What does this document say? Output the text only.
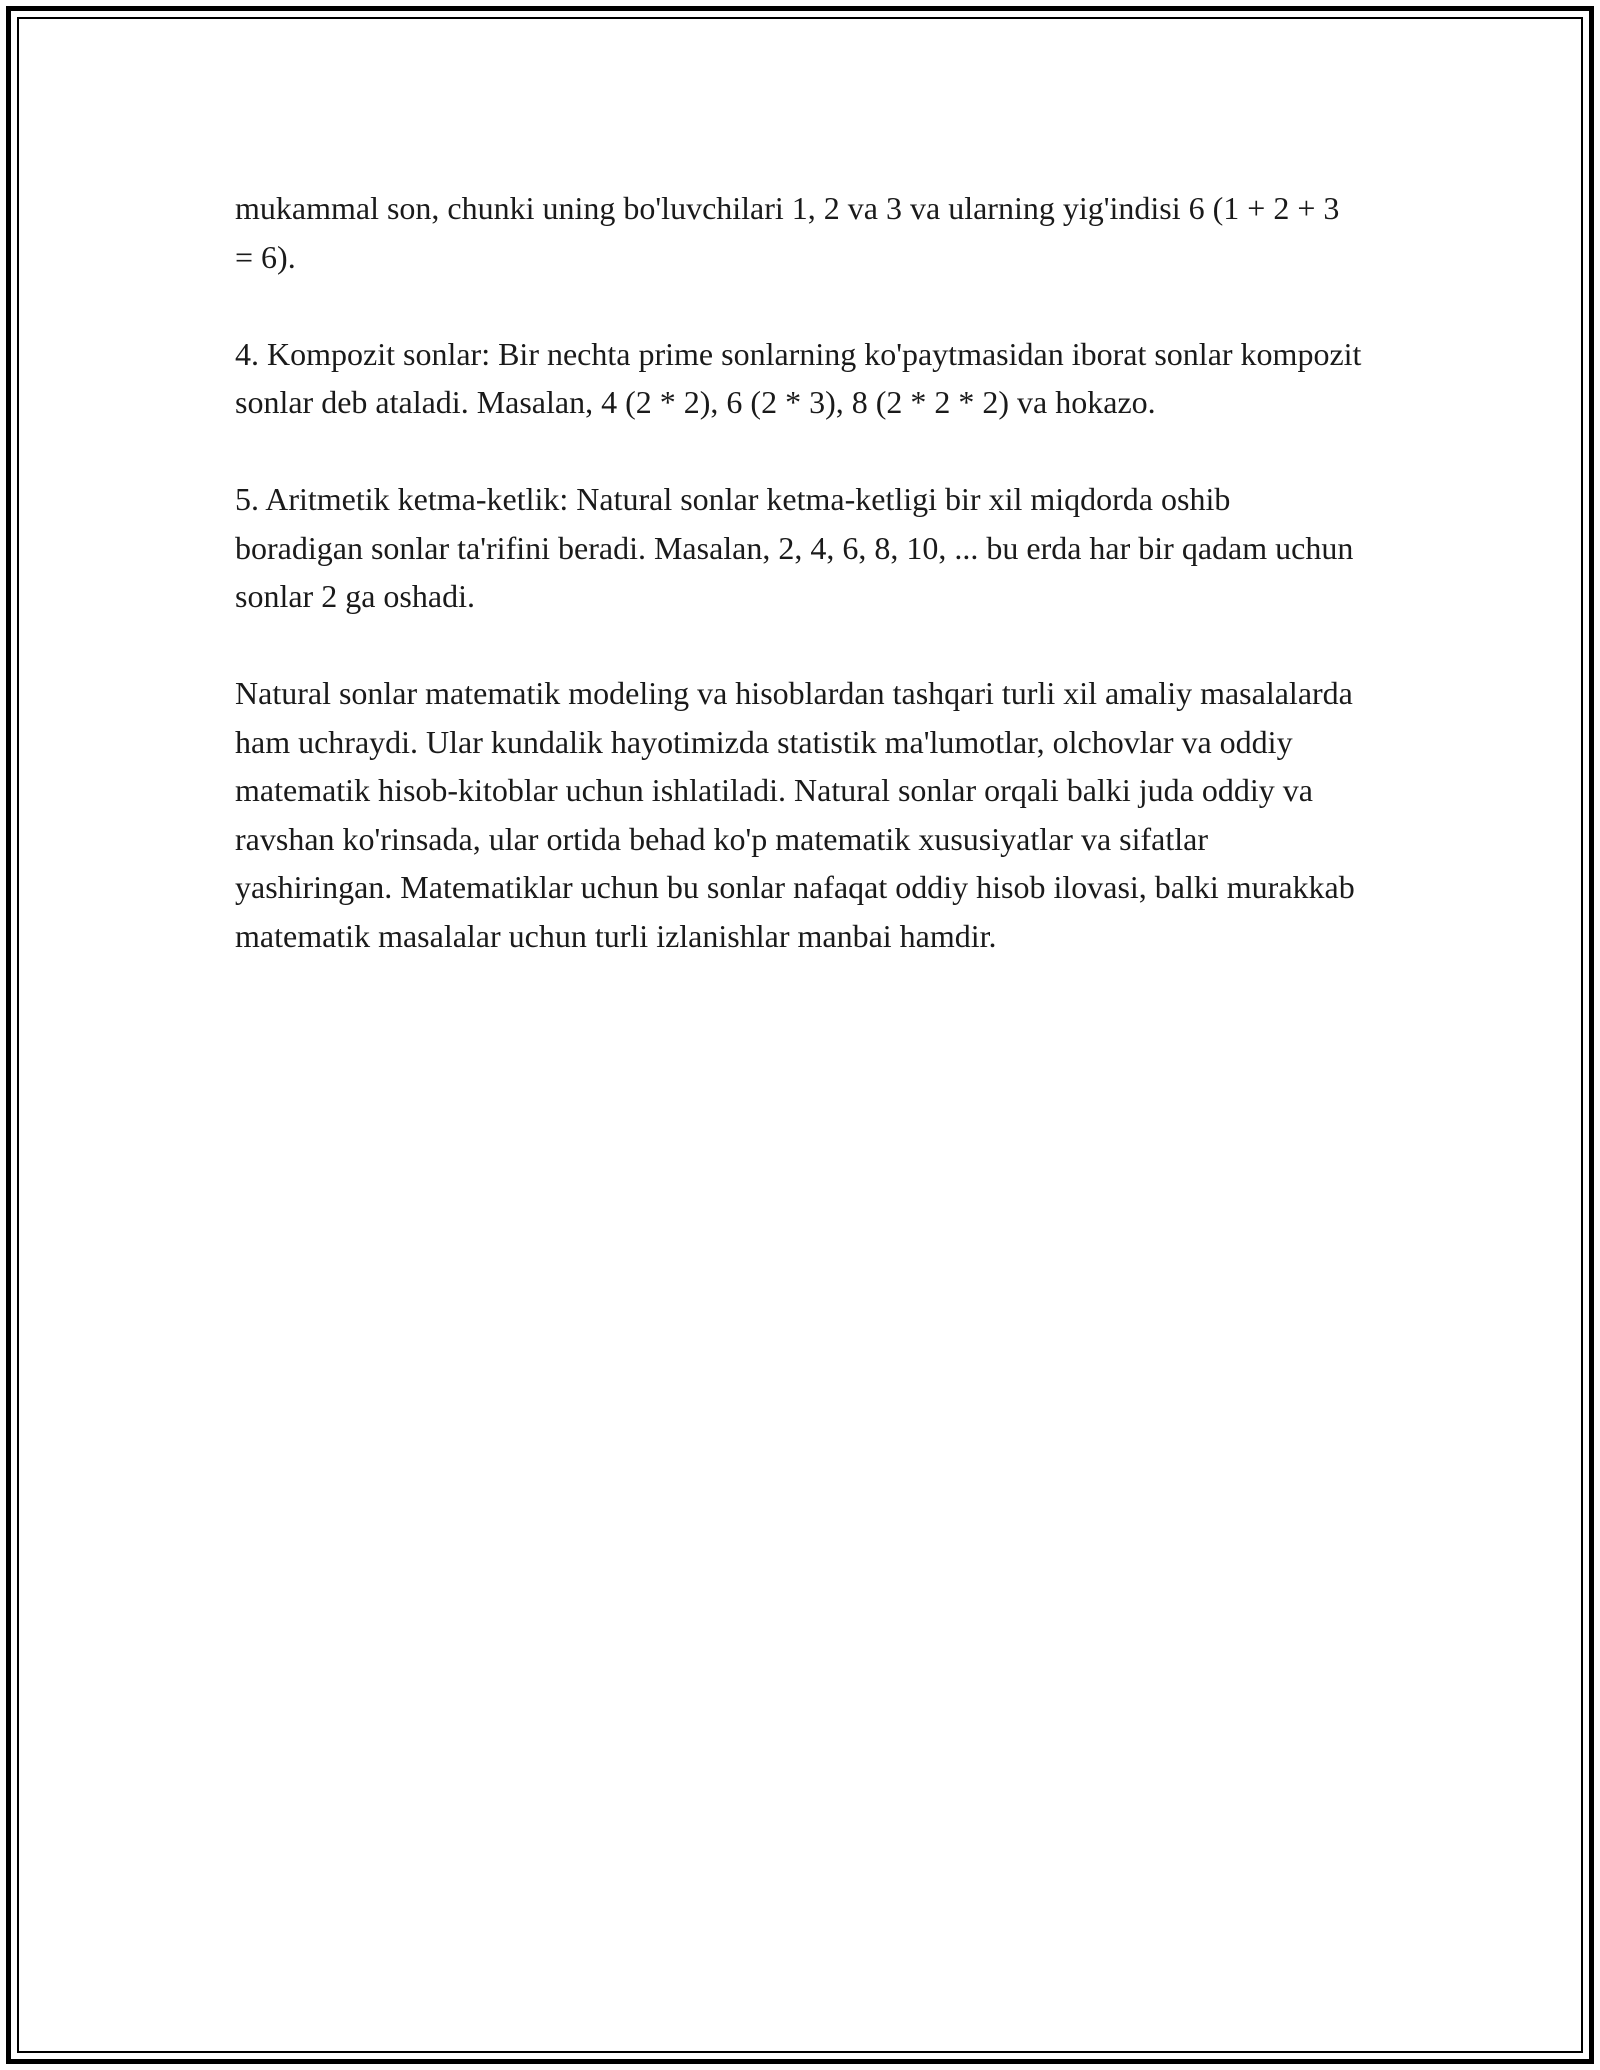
mukammal son, chunki uning bo'luvchilari 1, 2 va 3 va ularning yig'indisi 6 (1 + 2 + 3 = 6).

4. Kompozit sonlar: Bir nechta prime sonlarning ko'paytmasidan iborat sonlar kompozit sonlar deb ataladi. Masalan, 4 (2 * 2), 6 (2 * 3), 8 (2 * 2 * 2) va hokazo.

5. Aritmetik ketma-ketlik: Natural sonlar ketma-ketligi bir xil miqdorda oshib boradigan sonlar ta'rifini beradi. Masalan, 2, 4, 6, 8, 10, ... bu erda har bir qadam uchun sonlar 2 ga oshadi.

Natural sonlar matematik modeling va hisoblardan tashqari turli xil amaliy masalalarda ham uchraydi. Ular kundalik hayotimizda statistik ma'lumotlar, olchovlar va oddiy matematik hisob-kitoblar uchun ishlatiladi. Natural sonlar orqali balki juda oddiy va ravshan ko'rinsada, ular ortida behad ko'p matematik xususiyatlar va sifatlar yashiringan. Matematiklar uchun bu sonlar nafaqat oddiy hisob ilovasi, balki murakkab matematik masalalar uchun turli izlanishlar manbai hamdir.
